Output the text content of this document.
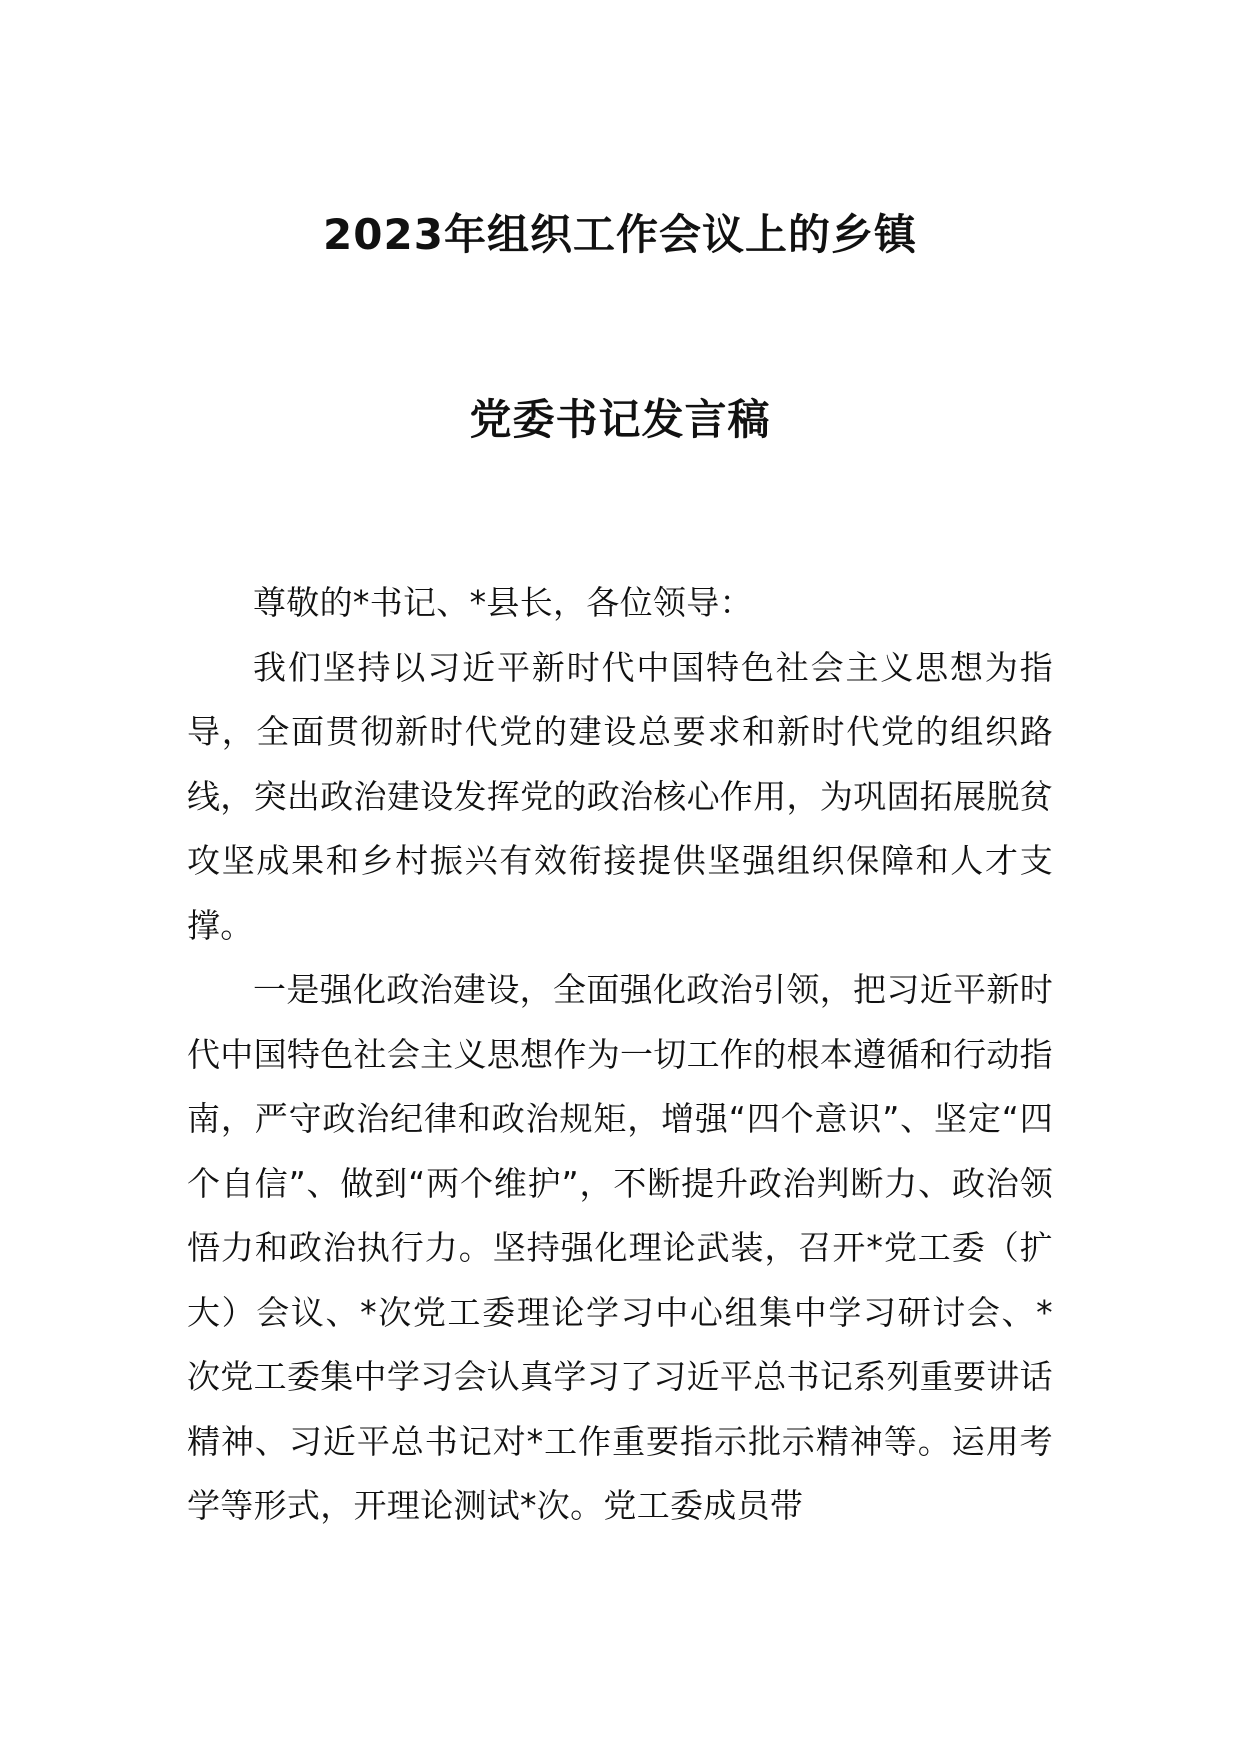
2023年组织工作会议上的乡镇
党委书记发言稿

尊敬的*书记、*县长，各位领导：

我们坚持以习近平新时代中国特色社会主义思想为指导，全面贯彻新时代党的建设总要求和新时代党的组织路线，突出政治建设发挥党的政治核心作用，为巩固拓展脱贫攻坚成果和乡村振兴有效衔接提供坚强组织保障和人才支撑。

一是强化政治建设，全面强化政治引领，把习近平新时代中国特色社会主义思想作为一切工作的根本遵循和行动指南，严守政治纪律和政治规矩，增强“四个意识”、坚定“四个自信”、做到“两个维护”，不断提升政治判断力、政治领悟力和政治执行力。坚持强化理论武装，召开*党工委（扩大）会议、*次党工委理论学习中心组集中学习研讨会、*次党工委集中学习会认真学习了习近平总书记系列重要讲话精神、习近平总书记对*工作重要指示批示精神等。运用考学等形式，开理论测试*次。党工委成员带
